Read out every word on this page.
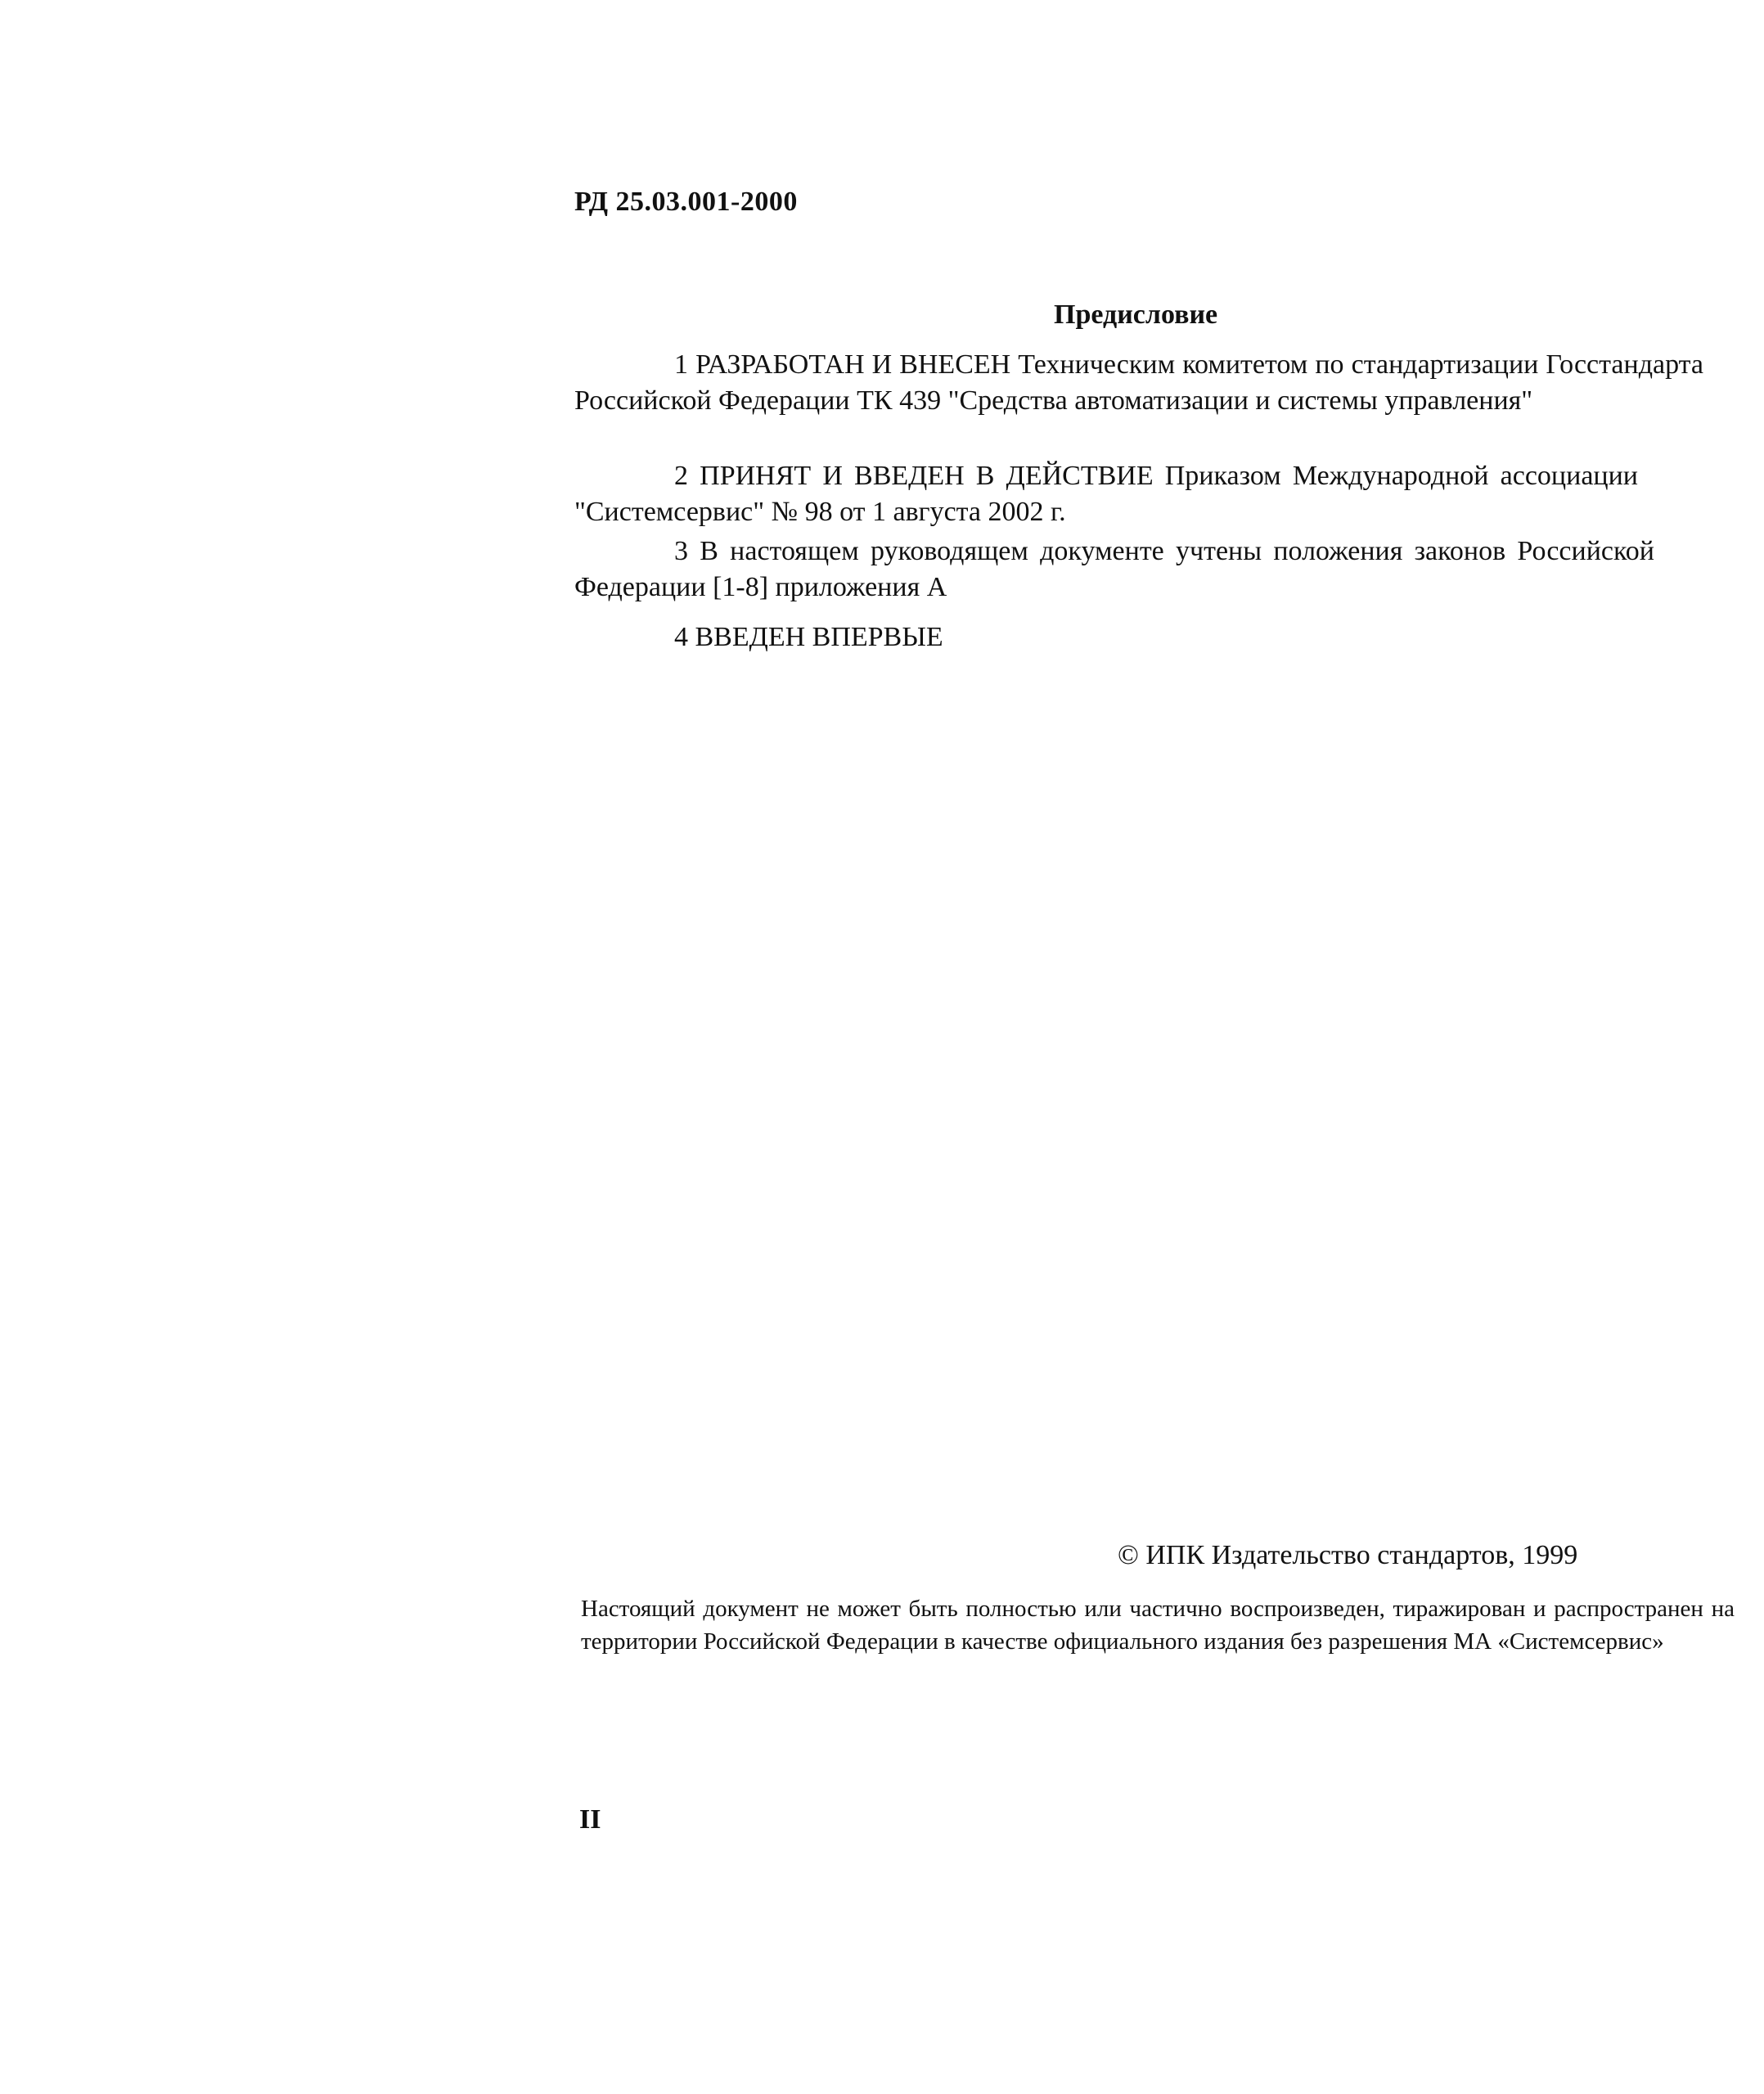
РД 25.03.001-2000
Предисловие
1 РАЗРАБОТАН И ВНЕСЕН Техническим комитетом по стандартизации Госстандарта Российской Федерации ТК 439 "Средства автоматизации и системы управления"
2 ПРИНЯТ И ВВЕДЕН В ДЕЙСТВИЕ Приказом Международной ассоциации "Системсервис" № 98 от 1 августа 2002 г.
3 В настоящем руководящем документе учтены положения законов Российской Федерации [1-8] приложения А
4 ВВЕДЕН ВПЕРВЫЕ
© ИПК Издательство стандартов, 1999
Настоящий документ не может быть полностью или частично воспроизведен, тиражирован и распространен на территории Российской Федерации в качестве официального издания без разрешения МА «Системсервис»
II
